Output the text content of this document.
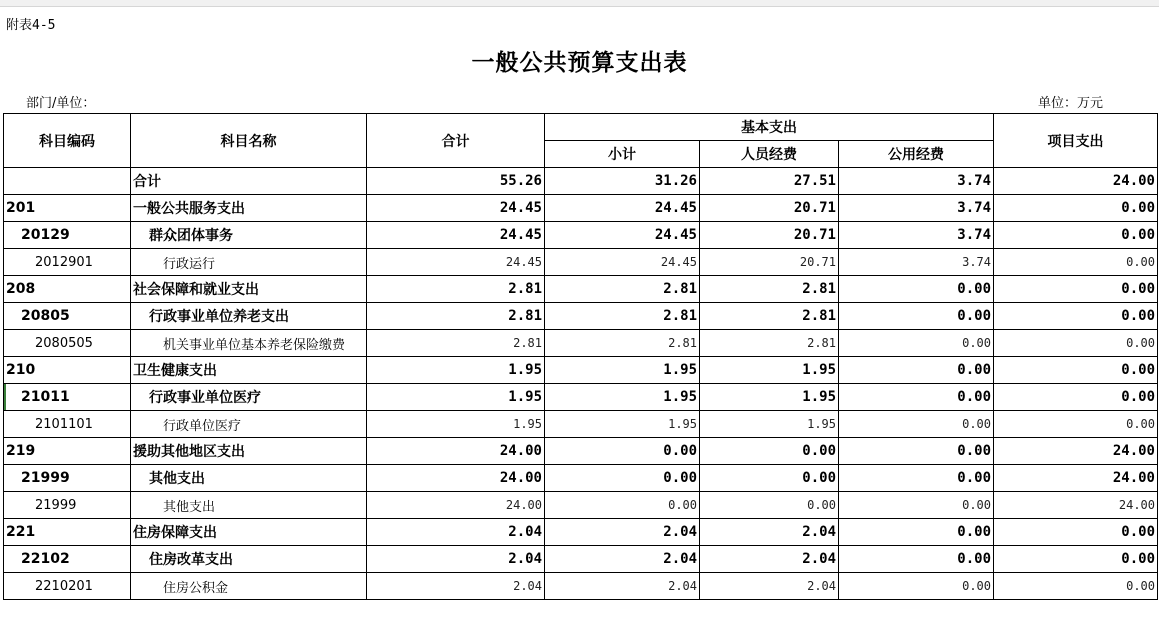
附表4-5
一般公共预算支出表
部门/单位：	单位：万元
科目编码	科目名称	合计	基本支出			项目支出
			小计	人员经费	公用经费	
	合计	55.26	31.26	27.51	3.74	24.00
201	一般公共服务支出	24.45	24.45	20.71	3.74	0.00
20129	群众团体事务	24.45	24.45	20.71	3.74	0.00
2012901	行政运行	24.45	24.45	20.71	3.74	0.00
208	社会保障和就业支出	2.81	2.81	2.81	0.00	0.00
20805	行政事业单位养老支出	2.81	2.81	2.81	0.00	0.00
2080505	机关事业单位基本养老保险缴费	2.81	2.81	2.81	0.00	0.00
210	卫生健康支出	1.95	1.95	1.95	0.00	0.00
21011	行政事业单位医疗	1.95	1.95	1.95	0.00	0.00
2101101	行政单位医疗	1.95	1.95	1.95	0.00	0.00
219	援助其他地区支出	24.00	0.00	0.00	0.00	24.00
21999	其他支出	24.00	0.00	0.00	0.00	24.00
21999	其他支出	24.00	0.00	0.00	0.00	24.00
221	住房保障支出	2.04	2.04	2.04	0.00	0.00
22102	住房改革支出	2.04	2.04	2.04	0.00	0.00
2210201	住房公积金	2.04	2.04	2.04	0.00	0.00
